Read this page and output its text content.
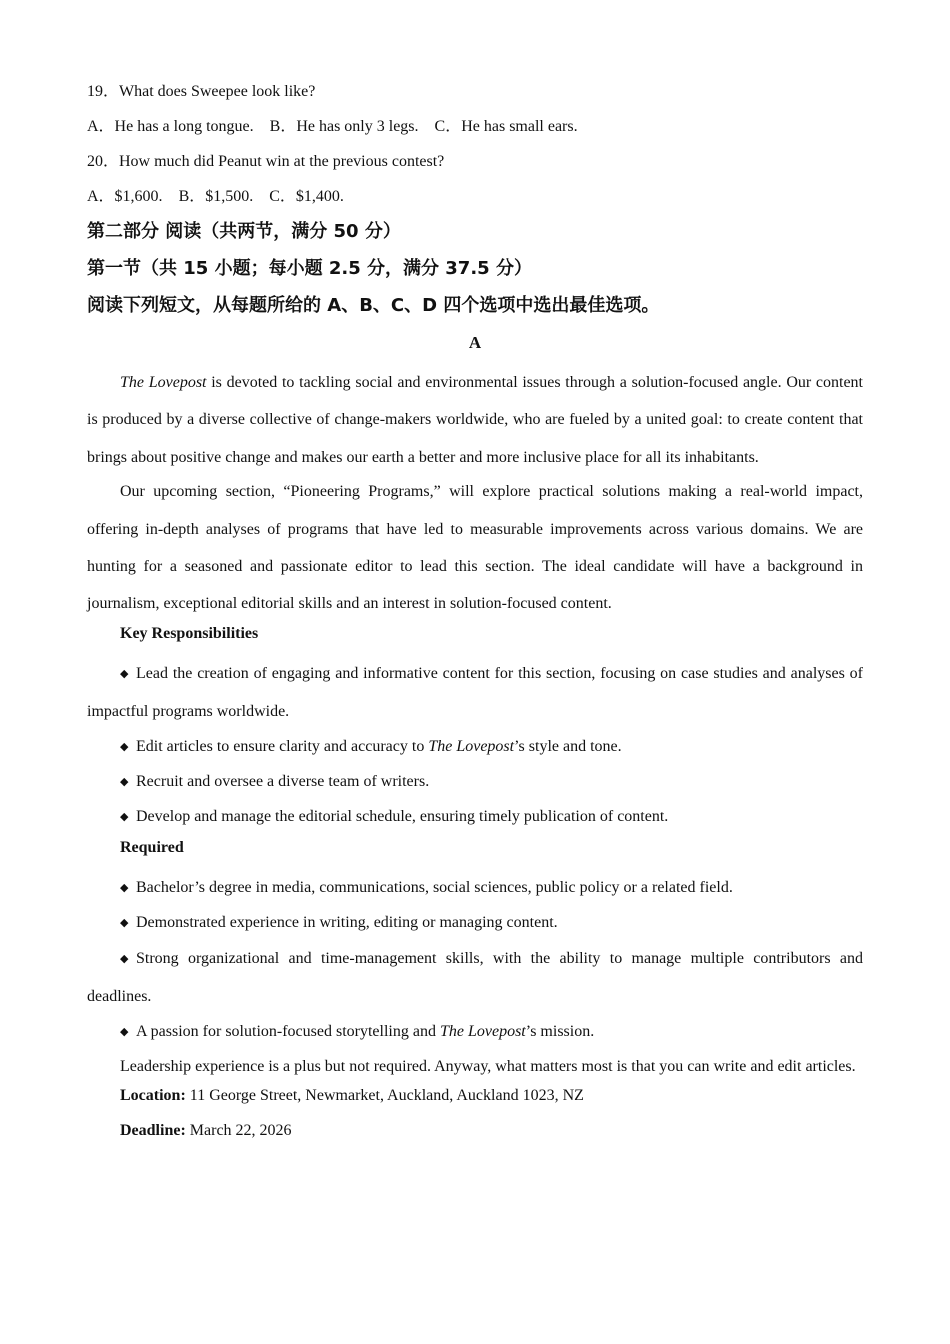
19．What does Sweepee look like?
A．He has a long tongue. B．He has only 3 legs. C．He has small ears.
20．How much did Peanut win at the previous contest?
A．$1,600. B．$1,500. C．$1,400.
第二部分 阅读（共两节，满分 50 分）
第一节（共 15 小题；每小题 2.5 分，满分 37.5 分）
阅读下列短文，从每题所给的 A、B、C、D 四个选项中选出最佳选项。
A

The Lovepost is devoted to tackling social and environmental issues through a solution-focused angle. Our content is produced by a diverse collective of change-makers worldwide, who are fueled by a united goal: to create content that brings about positive change and makes our earth a better and more inclusive place for all its inhabitants.

Our upcoming section, “Pioneering Programs,” will explore practical solutions making a real-world impact, offering in-depth analyses of programs that have led to measurable improvements across various domains. We are hunting for a seasoned and passionate editor to lead this section. The ideal candidate will have a background in journalism, exceptional editorial skills and an interest in solution-focused content.

Key Responsibilities

◆ Lead the creation of engaging and informative content for this section, focusing on case studies and analyses of impactful programs worldwide.

◆ Edit articles to ensure clarity and accuracy to The Lovepost’s style and tone.

◆ Recruit and oversee a diverse team of writers.

◆ Develop and manage the editorial schedule, ensuring timely publication of content.

Required

◆ Bachelor’s degree in media, communications, social sciences, public policy or a related field.

◆ Demonstrated experience in writing, editing or managing content.

◆ Strong organizational and time-management skills, with the ability to manage multiple contributors and deadlines.

◆ A passion for solution-focused storytelling and The Lovepost’s mission.

Leadership experience is a plus but not required. Anyway, what matters most is that you can write and edit articles.

Location: 11 George Street, Newmarket, Auckland, Auckland 1023, NZ
Deadline: March 22, 2026
